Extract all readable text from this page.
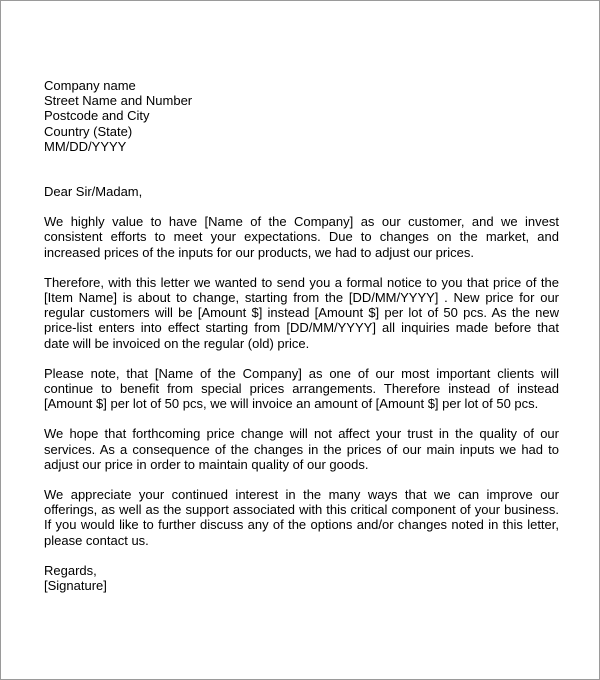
Company name
Street Name and Number
Postcode and City
Country (State)
MM/DD/YYYY

Dear Sir/Madam,

We highly value to have [Name of the Company] as our customer, and we invest consistent efforts to meet your expectations. Due to changes on the market, and increased prices of the inputs for our products, we had to adjust our prices.

Therefore, with this letter we wanted to send you a formal notice to you that price of the [Item Name] is about to change, starting from the [DD/MM/YYYY] . New price for our regular customers will be [Amount $] instead [Amount $] per lot of 50 pcs. As the new price-list enters into effect starting from [DD/MM/YYYY] all inquiries made before that date will be invoiced on the regular (old) price.

Please note, that [Name of the Company] as one of our most important clients will continue to benefit from special prices arrangements. Therefore instead of instead [Amount $] per lot of 50 pcs, we will invoice an amount of [Amount $] per lot of 50 pcs.

We hope that forthcoming price change will not affect your trust in the quality of our services. As a consequence of the changes in the prices of our main inputs we had to adjust our price in order to maintain quality of our goods.

We appreciate your continued interest in the many ways that we can improve our offerings, as well as the support associated with this critical component of your business. If you would like to further discuss any of the options and/or changes noted in this letter, please contact us.

Regards,
[Signature]
